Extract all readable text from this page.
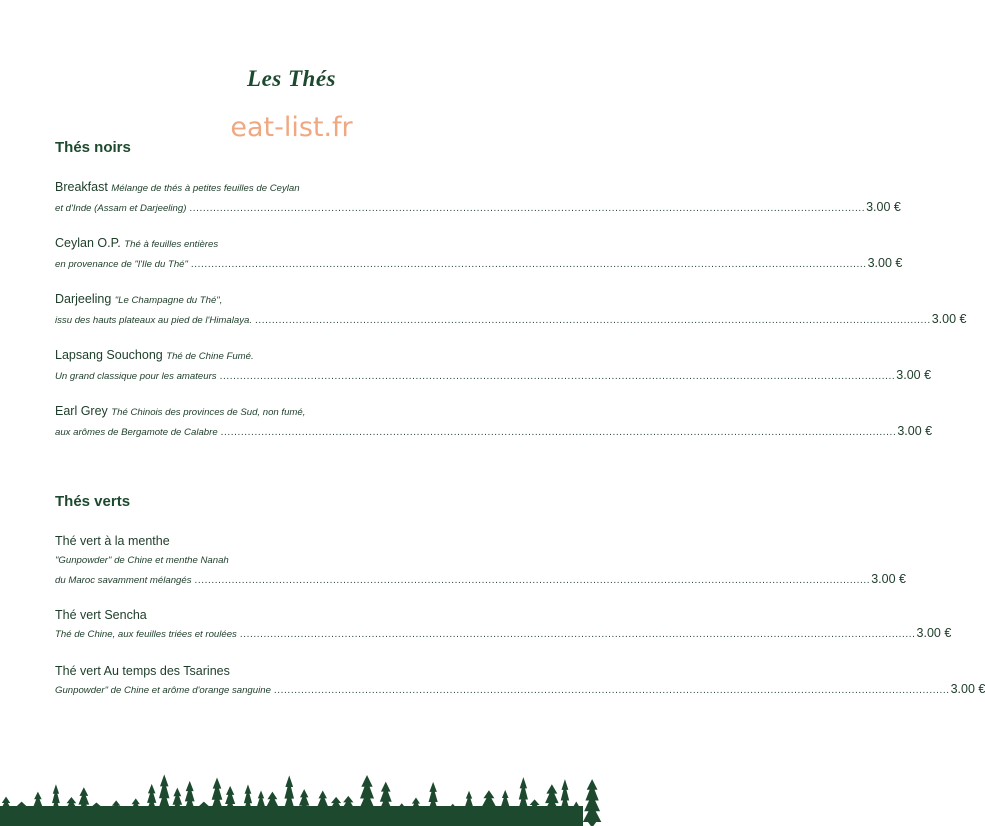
Les Thés
eat-list.fr
Thés noirs
Breakfast Mélange de thés à petites feuilles de Ceylan
et d'Inde (Assam et Darjeeling) ........................................................................................................................................................................................................ 3.00 €
Ceylan O.P. Thé à feuilles entières
en provenance de "l'Ile du Thé" ........................................................................................................................................................................................................ 3.00 €
Darjeeling "Le Champagne du Thé",
issu des hauts plateaux au pied de l'Himalaya. ........................................................................................................................................................................................................ 3.00 €
Lapsang Souchong Thé de Chine Fumé.
Un grand classique pour les amateurs ........................................................................................................................................................................................................ 3.00 €
Earl Grey Thé Chinois des provinces de Sud, non fumé,
aux arômes de Bergamote de Calabre ........................................................................................................................................................................................................ 3.00 €
Thés verts
Thé vert à la menthe
"Gunpowder" de Chine et menthe Nanah
du Maroc savamment mélangés ........................................................................................................................................................................................................ 3.00 €
Thé vert Sencha
Thé de Chine, aux feuilles triées et roulées ........................................................................................................................................................................................................ 3.00 €
Thé vert Au temps des Tsarines
Gunpowder" de Chine et arôme d'orange sanguine ........................................................................................................................................................................................................ 3.00 €
